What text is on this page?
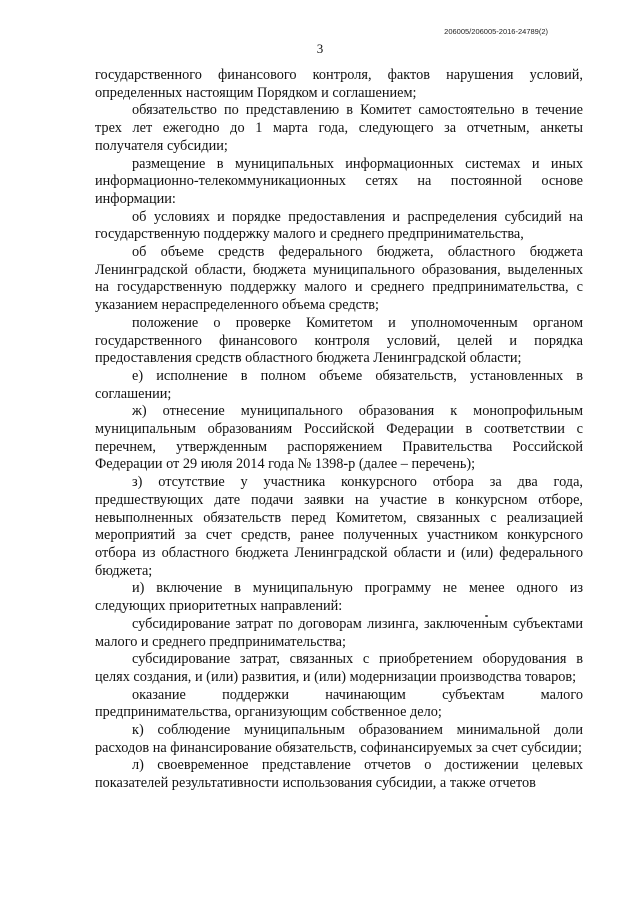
206005/206005-2016-24789(2)
3

государственного финансового контроля, фактов нарушения условий, определенных настоящим Порядком и соглашением;

обязательство по представлению в Комитет самостоятельно в течение трех лет ежегодно до 1 марта года, следующего за отчетным, анкеты получателя субсидии;

размещение в муниципальных информационных системах и иных информационно-телекоммуникационных сетях на постоянной основе информации:

об условиях и порядке предоставления и распределения субсидий на государственную поддержку малого и среднего предпринимательства,

об объеме средств федерального бюджета, областного бюджета Ленинградской области, бюджета муниципального образования, выделенных на государственную поддержку малого и среднего предпринимательства, с указанием нераспределенного объема средств;

положение о проверке Комитетом и уполномоченным органом государственного финансового контроля условий, целей и порядка предоставления средств областного бюджета Ленинградской области;

е) исполнение в полном объеме обязательств, установленных в соглашении;

ж) отнесение муниципального образования к монопрофильным муниципальным образованиям Российской Федерации в соответствии с перечнем, утвержденным распоряжением Правительства Российской Федерации от 29 июля 2014 года № 1398-р (далее – перечень);

з) отсутствие у участника конкурсного отбора за два года, предшествующих дате подачи заявки на участие в конкурсном отборе, невыполненных обязательств перед Комитетом, связанных с реализацией мероприятий за счет средств, ранее полученных участником конкурсного отбора из областного бюджета Ленинградской области и (или) федерального бюджета;

и) включение в муниципальную программу не менее одного из следующих приоритетных направлений:

субсидирование затрат по договорам лизинга, заключенным субъектами малого и среднего предпринимательства;

субсидирование затрат, связанных с приобретением оборудования в целях создания, и (или) развития, и (или) модернизации производства товаров;

оказание поддержки начинающим субъектам малого предпринимательства, организующим собственное дело;

к) соблюдение муниципальным образованием минимальной доли расходов на финансирование обязательств, софинансируемых за счет субсидии;

л) своевременное представление отчетов о достижении целевых показателей результативности использования субсидии, а также отчетов
